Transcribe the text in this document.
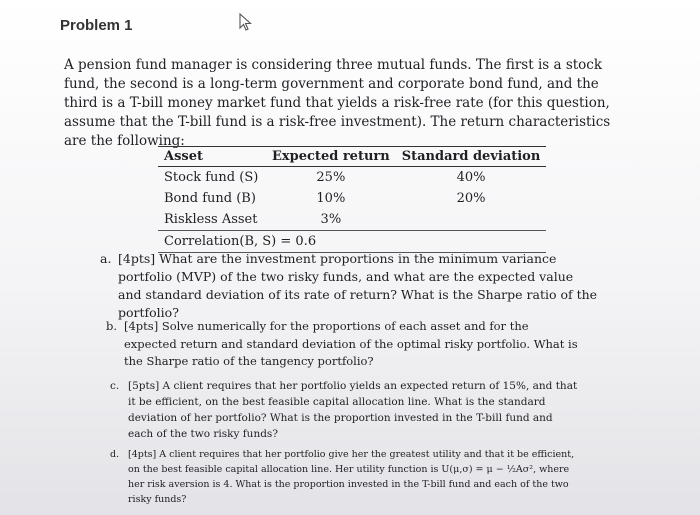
Problem 1
A pension fund manager is considering three mutual funds. The first is a stock fund, the second is a long-term government and corporate bond fund, and the third is a T-bill money market fund that yields a risk-free rate (for this question, assume that the T-bill fund is a risk-free investment). The return characteristics are the following:
Asset	Expected return	Standard deviation
Stock fund (S)	25%	40%
Bond fund (B)	10%	20%
Riskless Asset	3%	
Correlation(B, S) = 0.6		
a. [4pts] What are the investment proportions in the minimum variance portfolio (MVP) of the two risky funds, and what are the expected value and standard deviation of its rate of return? What is the Sharpe ratio of the portfolio?
b. [4pts] Solve numerically for the proportions of each asset and for the expected return and standard deviation of the optimal risky portfolio. What is the Sharpe ratio of the tangency portfolio?
c. [5pts] A client requires that her portfolio yields an expected return of 15%, and that it be efficient, on the best feasible capital allocation line. What is the standard deviation of her portfolio? What is the proportion invested in the T-bill fund and each of the two risky funds?
d. [4pts] A client requires that her portfolio give her the greatest utility and that it be efficient, on the best feasible capital allocation line. Her utility function is U(μ,σ) = μ − ½Aσ², where her risk aversion is 4. What is the proportion invested in the T-bill fund and each of the two risky funds?
